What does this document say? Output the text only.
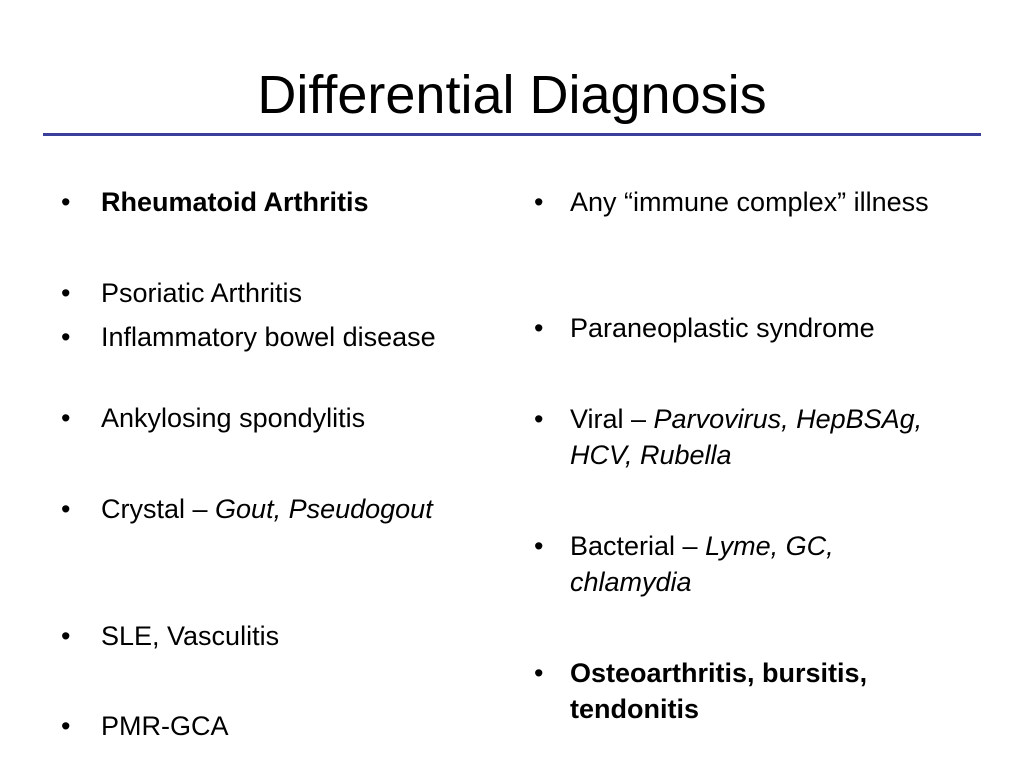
Differential Diagnosis
• Rheumatoid Arthritis
• Psoriatic Arthritis
• Inflammatory bowel disease
• Ankylosing spondylitis
• Crystal – Gout, Pseudogout
• SLE, Vasculitis
• PMR-GCA
• Any “immune complex” illness
• Paraneoplastic syndrome
• Viral – Parvovirus, HepBSAg, HCV, Rubella
• Bacterial – Lyme, GC, chlamydia
• Osteoarthritis, bursitis, tendonitis
